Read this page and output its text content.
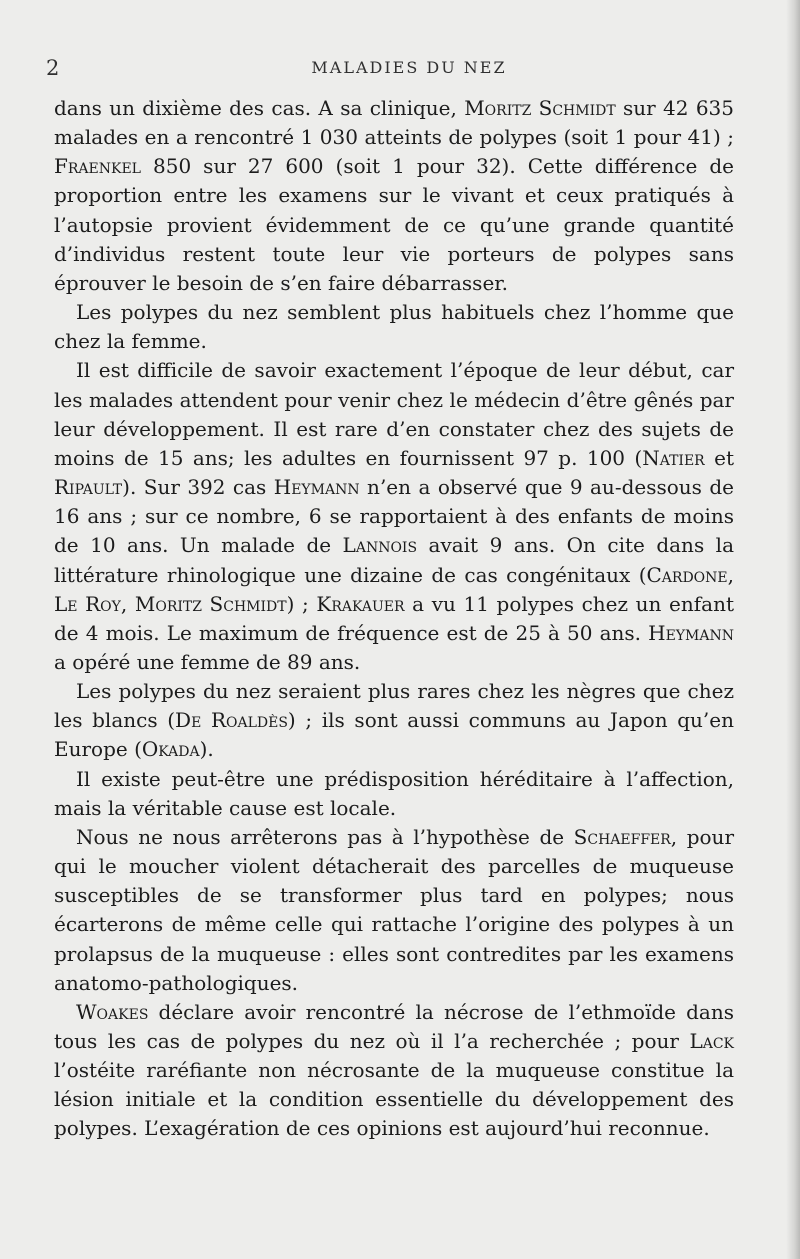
2	MALADIES DU NEZ

dans un dixième des cas. A sa clinique, Moritz Schmidt sur 42 635 malades en a rencontré 1 030 atteints de polypes (soit 1 pour 41) ; Fraenkel 850 sur 27 600 (soit 1 pour 32). Cette différence de proportion entre les examens sur le vivant et ceux pratiqués à l’autopsie provient évidemment de ce qu’une grande quantité d’individus restent toute leur vie porteurs de polypes sans éprouver le besoin de s’en faire débarrasser.

Les polypes du nez semblent plus habituels chez l’homme que chez la femme.

Il est difficile de savoir exactement l’époque de leur début, car les malades attendent pour venir chez le médecin d’être gênés par leur développement. Il est rare d’en constater chez des sujets de moins de 15 ans; les adultes en fournissent 97 p. 100 (Natier et Ripault). Sur 392 cas Heymann n’en a observé que 9 au-dessous de 16 ans ; sur ce nombre, 6 se rapportaient à des enfants de moins de 10 ans. Un malade de Lannois avait 9 ans. On cite dans la littérature rhinologique une dizaine de cas congénitaux (Cardone, Le Roy, Moritz Schmidt) ; Krakauer a vu 11 polypes chez un enfant de 4 mois. Le maximum de fréquence est de 25 à 50 ans. Heymann a opéré une femme de 89 ans.

Les polypes du nez seraient plus rares chez les nègres que chez les blancs (De Roaldès) ; ils sont aussi communs au Japon qu’en Europe (Okada).

Il existe peut-être une prédisposition héréditaire à l’affection, mais la véritable cause est locale.

Nous ne nous arrêterons pas à l’hypothèse de Schaeffer, pour qui le moucher violent détacherait des parcelles de muqueuse susceptibles de se transformer plus tard en polypes; nous écarterons de même celle qui rattache l’origine des polypes à un prolapsus de la muqueuse : elles sont contredites par les examens anatomo-pathologiques.

Woakes déclare avoir rencontré la nécrose de l’ethmoïde dans tous les cas de polypes du nez où il l’a recherchée ; pour Lack l’ostéite raréfiante non nécrosante de la muqueuse constitue la lésion initiale et la condition essentielle du développement des polypes. L’exagération de ces opinions est aujourd’hui reconnue.
